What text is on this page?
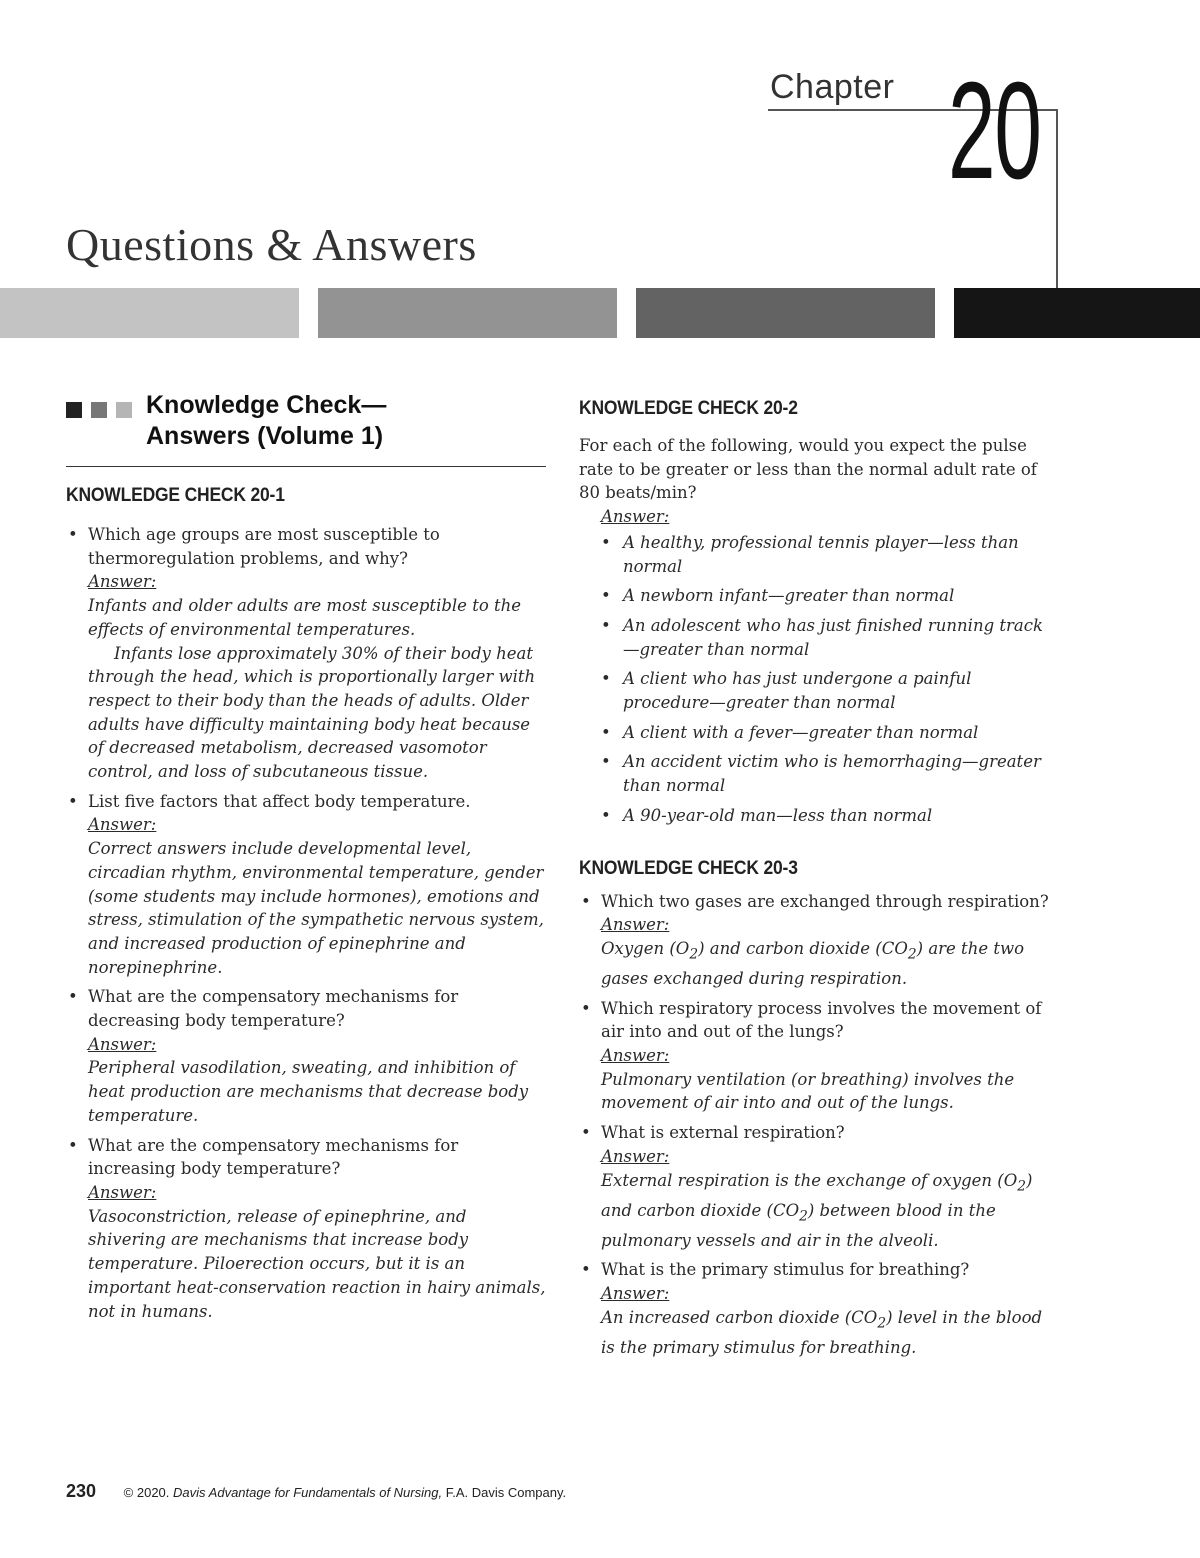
Chapter 20
Questions & Answers
Knowledge Check—
Answers (Volume 1)
KNOWLEDGE CHECK 20-1
• Which age groups are most susceptible to thermoregulation problems, and why?
Answer:
Infants and older adults are most susceptible to the effects of environmental temperatures.
Infants lose approximately 30% of their body heat through the head, which is proportionally larger with respect to their body than the heads of adults. Older adults have difficulty maintaining body heat because of decreased metabolism, decreased vasomotor control, and loss of subcutaneous tissue.
• List five factors that affect body temperature.
Answer:
Correct answers include developmental level, circadian rhythm, environmental temperature, gender (some students may include hormones), emotions and stress, stimulation of the sympathetic nervous system, and increased production of epinephrine and norepinephrine.
• What are the compensatory mechanisms for decreasing body temperature?
Answer:
Peripheral vasodilation, sweating, and inhibition of heat production are mechanisms that decrease body temperature.
• What are the compensatory mechanisms for increasing body temperature?
Answer:
Vasoconstriction, release of epinephrine, and shivering are mechanisms that increase body temperature. Piloerection occurs, but it is an important heat-conservation reaction in hairy animals, not in humans.
KNOWLEDGE CHECK 20-2
For each of the following, would you expect the pulse rate to be greater or less than the normal adult rate of 80 beats/min?
Answer:
• A healthy, professional tennis player—less than normal
• A newborn infant—greater than normal
• An adolescent who has just finished running track—greater than normal
• A client who has just undergone a painful procedure—greater than normal
• A client with a fever—greater than normal
• An accident victim who is hemorrhaging—greater than normal
• A 90-year-old man—less than normal
KNOWLEDGE CHECK 20-3
• Which two gases are exchanged through respiration?
Answer:
Oxygen $(O_2)$ and carbon dioxide $(CO_2)$ are the two gases exchanged during respiration.
• Which respiratory process involves the movement of air into and out of the lungs?
Answer:
Pulmonary ventilation (or breathing) involves the movement of air into and out of the lungs.
• What is external respiration?
Answer:
External respiration is the exchange of oxygen $(O_2)$ and carbon dioxide $(CO_2)$ between blood in the pulmonary vessels and air in the alveoli.
• What is the primary stimulus for breathing?
Answer:
An increased carbon dioxide $(CO_2)$ level in the blood is the primary stimulus for breathing.
230 © 2020. Davis Advantage for Fundamentals of Nursing, F.A. Davis Company.
